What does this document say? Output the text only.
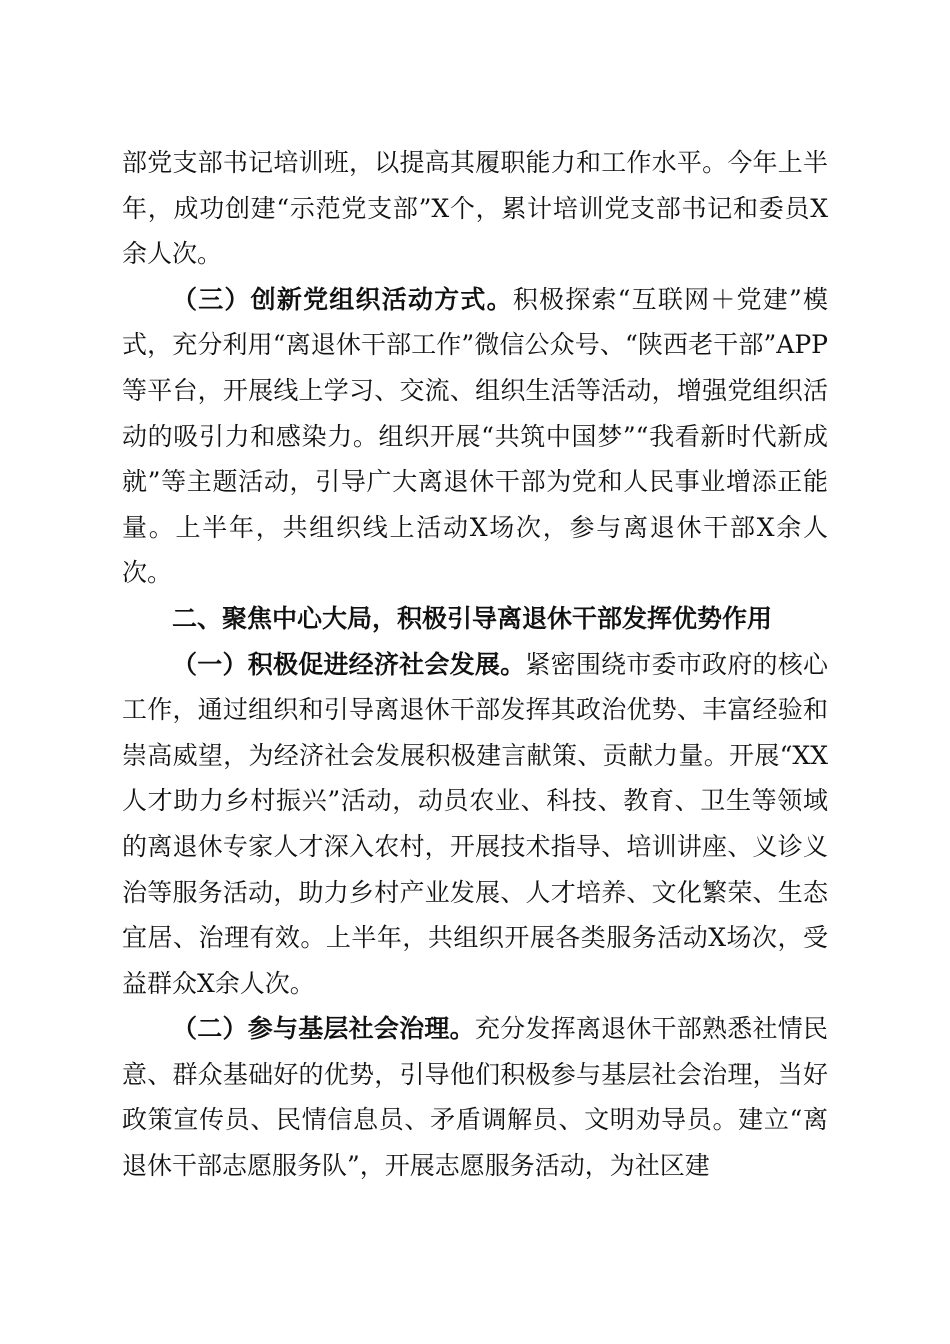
部党支部书记培训班，以提高其履职能力和工作水平。今年上半年，成功创建“示范党支部”X个，累计培训党支部书记和委员X余人次。

（三）创新党组织活动方式。积极探索“互联网＋党建”模式，充分利用“离退休干部工作”微信公众号、“陕西老干部”APP等平台，开展线上学习、交流、组织生活等活动，增强党组织活动的吸引力和感染力。组织开展“共筑中国梦”“我看新时代新成就”等主题活动，引导广大离退休干部为党和人民事业增添正能量。上半年，共组织线上活动X场次，参与离退休干部X余人次。

二、聚焦中心大局，积极引导离退休干部发挥优势作用

（一）积极促进经济社会发展。紧密围绕市委市政府的核心工作，通过组织和引导离退休干部发挥其政治优势、丰富经验和崇高威望，为经济社会发展积极建言献策、贡献力量。开展“XX人才助力乡村振兴”活动，动员农业、科技、教育、卫生等领域的离退休专家人才深入农村，开展技术指导、培训讲座、义诊义治等服务活动，助力乡村产业发展、人才培养、文化繁荣、生态宜居、治理有效。上半年，共组织开展各类服务活动X场次，受益群众X余人次。

（二）参与基层社会治理。充分发挥离退休干部熟悉社情民意、群众基础好的优势，引导他们积极参与基层社会治理，当好政策宣传员、民情信息员、矛盾调解员、文明劝导员。建立“离退休干部志愿服务队”，开展志愿服务活动，为社区建
